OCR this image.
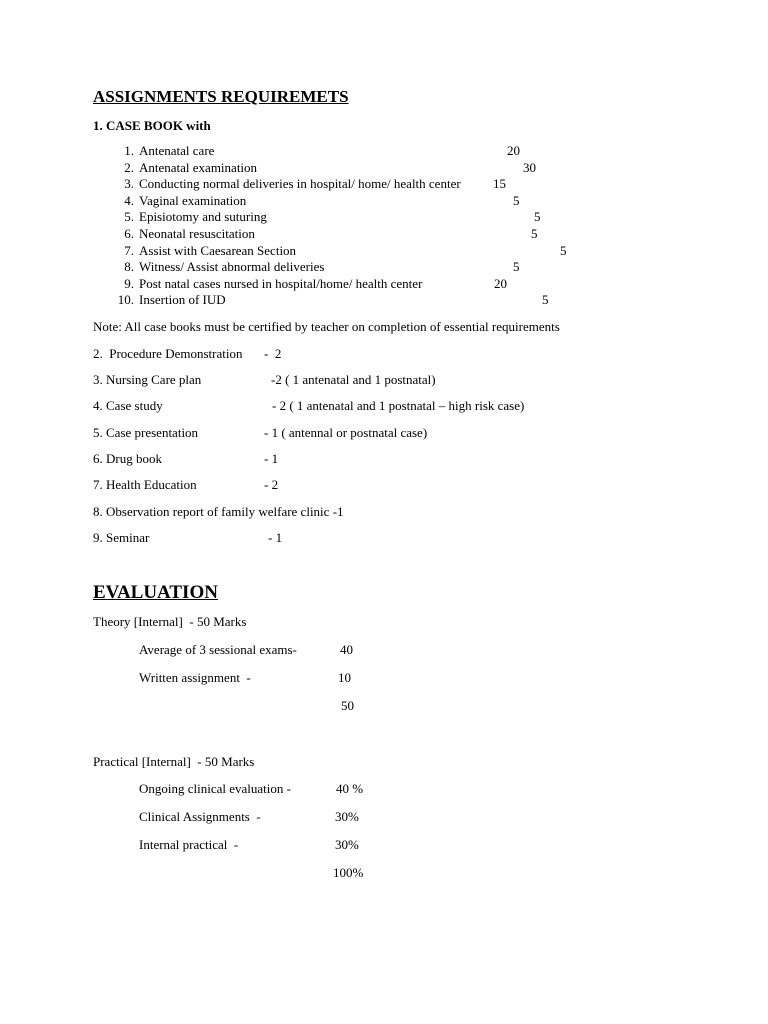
ASSIGNMENTS REQUIREMETS
1. CASE BOOK with
1. Antenatal care	20
2. Antenatal examination	30
3. Conducting normal deliveries in hospital/ home/ health center 15
4. Vaginal examination	5
5. Episiotomy and suturing	5
6. Neonatal resuscitation	5
7. Assist with Caesarean Section	5
8. Witness/ Assist abnormal deliveries	5
9. Post natal cases nursed in hospital/home/ health center	20
10. Insertion of IUD	5
Note: All case books must be certified by teacher on completion of essential requirements
2.  Procedure Demonstration -  2
3. Nursing Care plan	-2 ( 1 antenatal and 1 postnatal)
4. Case study	- 2 ( 1 antenatal and 1 postnatal – high risk case)
5. Case presentation	- 1 ( antennal or postnatal case)
6. Drug book	- 1
7. Health Education	- 2
8. Observation report of family welfare clinic -1
9. Seminar	- 1
EVALUATION
Theory [Internal]  - 50 Marks
Average of 3 sessional exams-	40
Written assignment  -	10
50
Practical [Internal]  - 50 Marks
Ongoing clinical evaluation -	40 %
Clinical Assignments  -	30%
Internal practical  -	30%
100%
